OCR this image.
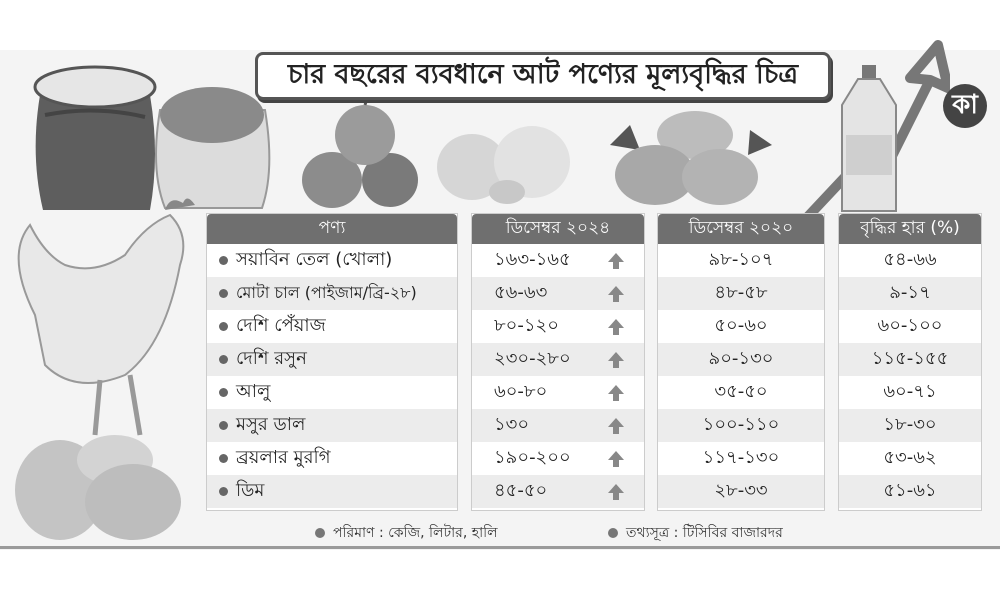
চার বছরের ব্যবধানে আট পণ্যের মূল্যবৃদ্ধির চিত্র
কা
পণ্য
সয়াবিন তেল (খোলা)
মোটা চাল (পাইজাম/ব্রি-২৮)
দেশি পেঁয়াজ
দেশি রসুন
আলু
মসুর ডাল
ব্রয়লার মুরগি
ডিম
ডিসেম্বর ২০২৪
১৬৩-১৬৫
৫৬-৬৩
৮০-১২০
২৩০-২৮০
৬০-৮০
১৩০
১৯০-২০০
৪৫-৫০
ডিসেম্বর ২০২০
৯৮-১০৭
৪৮-৫৮
৫০-৬০
৯০-১৩০
৩৫-৫০
১০০-১১০
১১৭-১৩০
২৮-৩৩
বৃদ্ধির হার (%)
৫৪-৬৬
৯-১৭
৬০-১০০
১১৫-১৫৫
৬০-৭১
১৮-৩০
৫৩-৬২
৫১-৬১
পরিমাণ : কেজি, লিটার, হালি	তথ্যসূত্র : টিসিবির বাজারদর
